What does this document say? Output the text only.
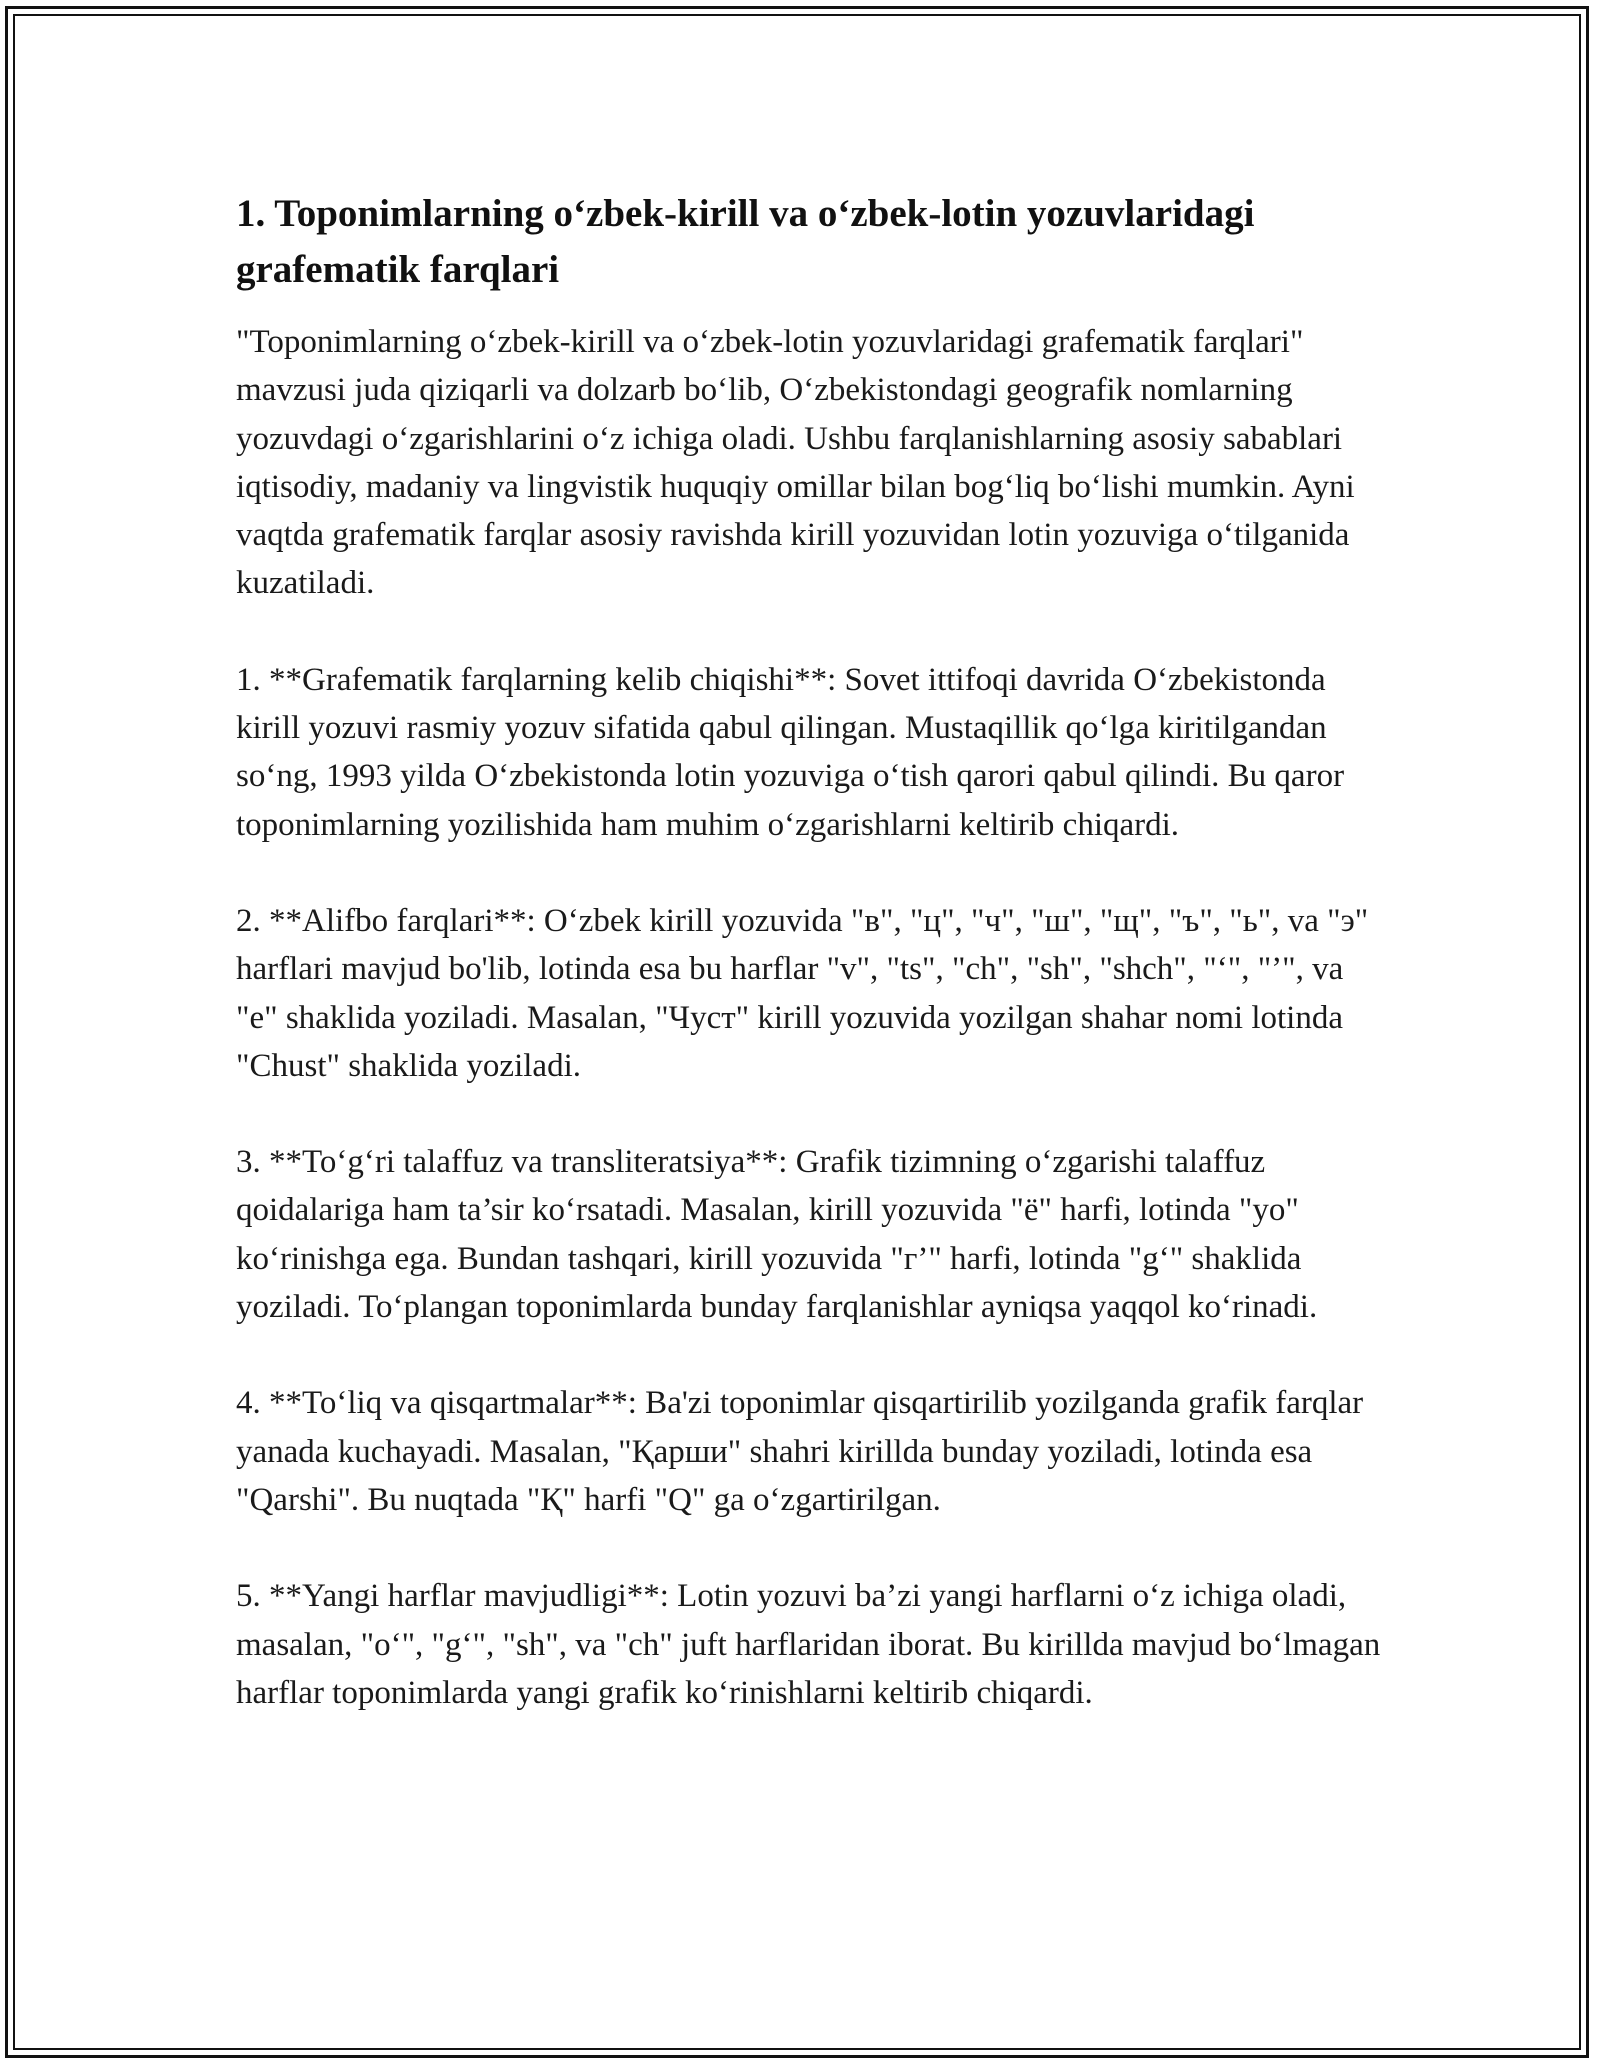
1. Toponimlarning o‘zbek-kirill va o‘zbek-lotin yozuvlaridagi grafematik farqlari

"Toponimlarning o‘zbek-kirill va o‘zbek-lotin yozuvlaridagi grafematik farqlari" mavzusi juda qiziqarli va dolzarb bo‘lib, O‘zbekistondagi geografik nomlarning yozuvdagi o‘zgarishlarini o‘z ichiga oladi. Ushbu farqlanishlarning asosiy sabablari iqtisodiy, madaniy va lingvistik huquqiy omillar bilan bog‘liq bo‘lishi mumkin. Ayni vaqtda grafematik farqlar asosiy ravishda kirill yozuvidan lotin yozuviga o‘tilganida kuzatiladi.

1. **Grafematik farqlarning kelib chiqishi**: Sovet ittifoqi davrida O‘zbekistonda kirill yozuvi rasmiy yozuv sifatida qabul qilingan. Mustaqillik qo‘lga kiritilgandan so‘ng, 1993 yilda O‘zbekistonda lotin yozuviga o‘tish qarori qabul qilindi. Bu qaror toponimlarning yozilishida ham muhim o‘zgarishlarni keltirib chiqardi.

2. **Alifbo farqlari**: O‘zbek kirill yozuvida "в", "ц", "ч", "ш", "щ", "ъ", "ь", va "э" harflari mavjud bo'lib, lotinda esa bu harflar "v", "ts", "ch", "sh", "shch", "‘", "’", va "e" shaklida yoziladi. Masalan, "Чуст" kirill yozuvida yozilgan shahar nomi lotinda "Chust" shaklida yoziladi.

3. **To‘g‘ri talaffuz va transliteratsiya**: Grafik tizimning o‘zgarishi talaffuz qoidalariga ham ta’sir ko‘rsatadi. Masalan, kirill yozuvida "ё" harfi, lotinda "yo" ko‘rinishga ega. Bundan tashqari, kirill yozuvida "г’" harfi, lotinda "g‘" shaklida yoziladi. To‘plangan toponimlarda bunday farqlanishlar ayniqsa yaqqol ko‘rinadi.

4. **To‘liq va qisqartmalar**: Ba'zi toponimlar qisqartirilib yozilganda grafik farqlar yanada kuchayadi. Masalan, "Қарши" shahri kirillda bunday yoziladi, lotinda esa "Qarshi". Bu nuqtada "Қ" harfi "Q" ga o‘zgartirilgan.

5. **Yangi harflar mavjudligi**: Lotin yozuvi ba’zi yangi harflarni o‘z ichiga oladi, masalan, "o‘", "g‘", "sh", va "ch" juft harflaridan iborat. Bu kirillda mavjud bo‘lmagan harflar toponimlarda yangi grafik ko‘rinishlarni keltirib chiqardi.
